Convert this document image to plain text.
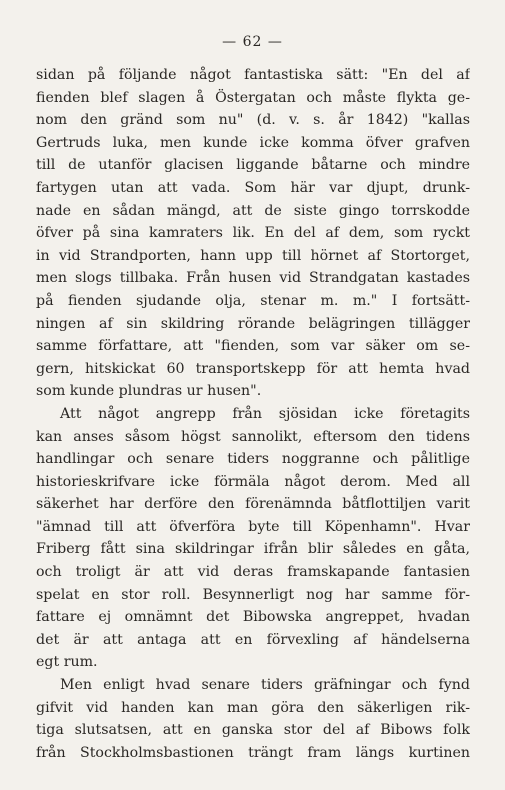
— 62 —
sidan på följande något fantastiska sätt: "En del af
fienden blef slagen å Östergatan och måste flykta ge-
nom den gränd som nu" (d. v. s. år 1842) "kallas
Gertruds luka, men kunde icke komma öfver grafven
till de utanför glacisen liggande båtarne och mindre
fartygen utan att vada. Som här var djupt, drunk-
nade en sådan mängd, att de siste gingo torrskodde
öfver på sina kamraters lik. En del af dem, som ryckt
in vid Strandporten, hann upp till hörnet af Stortorget,
men slogs tillbaka. Från husen vid Strandgatan kastades
på fienden sjudande olja, stenar m. m." I fortsätt-
ningen af sin skildring rörande belägringen tillägger
samme författare, att "fienden, som var säker om se-
gern, hitskickat 60 transportskepp för att hemta hvad
som kunde plundras ur husen".
Att något angrepp från sjösidan icke företagits
kan anses såsom högst sannolikt, eftersom den tidens
handlingar och senare tiders noggranne och pålitlige
historieskrifvare icke förmäla något derom. Med all
säkerhet har derföre den förenämnda båtflottiljen varit
"ämnad till att öfverföra byte till Köpenhamn". Hvar
Friberg fått sina skildringar ifrån blir således en gåta,
och troligt är att vid deras framskapande fantasien
spelat en stor roll. Besynnerligt nog har samme för-
fattare ej omnämnt det Bibowska angreppet, hvadan
det är att antaga att en förvexling af händelserna
egt rum.
Men enligt hvad senare tiders gräfningar och fynd
gifvit vid handen kan man göra den säkerligen rik-
tiga slutsatsen, att en ganska stor del af Bibows folk
från Stockholmsbastionen trängt fram längs kurtinen
